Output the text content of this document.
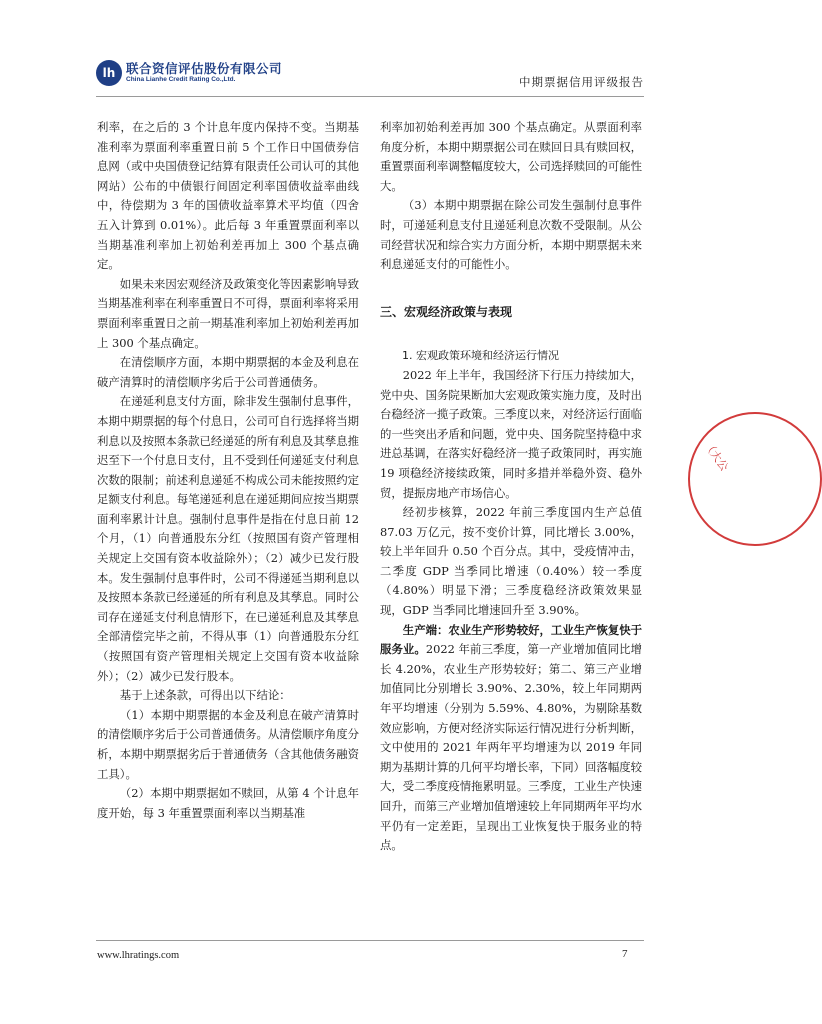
lh 联合资信评估股份有限公司
China Lianhe Credit Rating Co.,Ltd.	中期票据信用评级报告

利率，在之后的 3 个计息年度内保持不变。当期基准利率为票面利率重置日前 5 个工作日中国债券信息网（或中央国债登记结算有限责任公司认可的其他网站）公布的中债银行间固定利率国债收益率曲线中，待偿期为 3 年的国债收益率算术平均值（四舍五入计算到 0.01%）。此后每 3 年重置票面利率以当期基准利率加上初始利差再加上 300 个基点确定。

如果未来因宏观经济及政策变化等因素影响导致当期基准利率在利率重置日不可得，票面利率将采用票面利率重置日之前一期基准利率加上初始利差再加上 300 个基点确定。

在清偿顺序方面，本期中期票据的本金及利息在破产清算时的清偿顺序劣后于公司普通债务。

在递延利息支付方面，除非发生强制付息事件，本期中期票据的每个付息日，公司可自行选择将当期利息以及按照本条款已经递延的所有利息及其孳息推迟至下一个付息日支付，且不受到任何递延支付利息次数的限制；前述利息递延不构成公司未能按照约定足额支付利息。每笔递延利息在递延期间应按当期票面利率累计计息。强制付息事件是指在付息日前 12 个月，（1）向普通股东分红（按照国有资产管理相关规定上交国有资本收益除外）；（2）减少已发行股本。发生强制付息事件时，公司不得递延当期利息以及按照本条款已经递延的所有利息及其孳息。同时公司存在递延支付利息情形下，在已递延利息及其孳息全部清偿完毕之前，不得从事（1）向普通股东分红（按照国有资产管理相关规定上交国有资本收益除外）；（2）减少已发行股本。

基于上述条款，可得出以下结论：

（1）本期中期票据的本金及利息在破产清算时的清偿顺序劣后于公司普通债务。从清偿顺序角度分析，本期中期票据劣后于普通债务（含其他债务融资工具）。

（2）本期中期票据如不赎回，从第 4 个计息年度开始，每 3 年重置票面利率以当期基准

利率加初始利差再加 300 个基点确定。从票面利率角度分析，本期中期票据公司在赎回日具有赎回权，重置票面利率调整幅度较大，公司选择赎回的可能性大。

（3）本期中期票据在除公司发生强制付息事件时，可递延利息支付且递延利息次数不受限制。从公司经营状况和综合实力方面分析，本期中期票据未来利息递延支付的可能性小。

三、宏观经济政策与表现

1. 宏观政策环境和经济运行情况

2022 年上半年，我国经济下行压力持续加大，党中央、国务院果断加大宏观政策实施力度，及时出台稳经济一揽子政策。三季度以来，对经济运行面临的一些突出矛盾和问题，党中央、国务院坚持稳中求进总基调，在落实好稳经济一揽子政策同时，再实施 19 项稳经济接续政策，同时多措并举稳外资、稳外贸，提振房地产市场信心。

经初步核算，2022 年前三季度国内生产总值 87.03 万亿元，按不变价计算，同比增长 3.00%，较上半年回升 0.50 个百分点。其中，受疫情冲击，二季度 GDP 当季同比增速（0.40%）较一季度（4.80%）明显下滑；三季度稳经济政策效果显现，GDP 当季同比增速回升至 3.90%。

生产端：农业生产形势较好，工业生产恢复快于服务业。2022 年前三季度，第一产业增加值同比增长 4.20%，农业生产形势较好；第二、第三产业增加值同比分别增长 3.90%、2.30%，较上年同期两年平均增速（分别为 5.59%、4.80%，为剔除基数效应影响，方便对经济实际运行情况进行分析判断，文中使用的 2021 年两年平均增速为以 2019 年同期为基期计算的几何平均增长率，下同）回落幅度较大，受二季度疫情拖累明显。三季度，工业生产快速回升，而第三产业增加值增速较上年同期两年平均水平仍有一定差距，呈现出工业恢复快于服务业的特点。

（大公
www.lhratings.com	7
